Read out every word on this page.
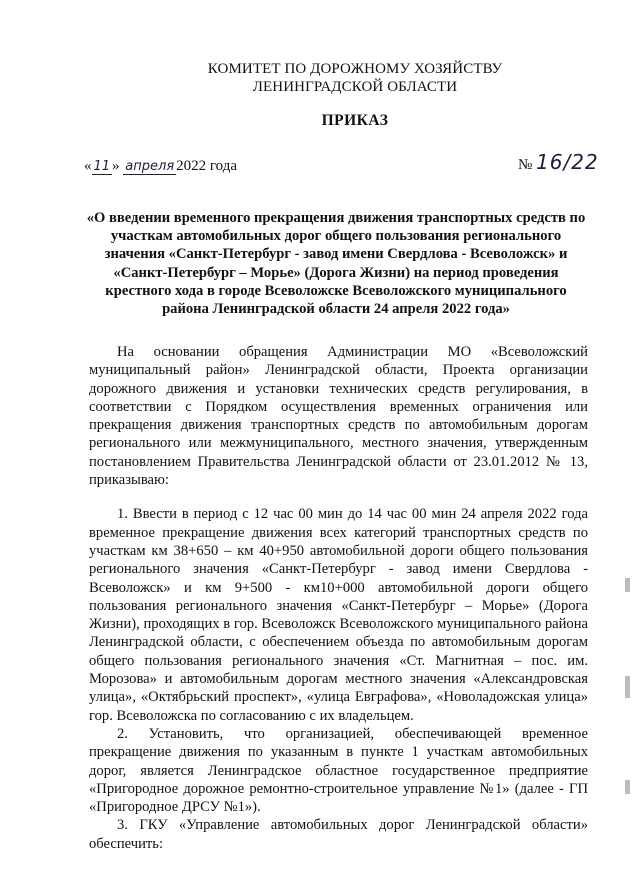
КОМИТЕТ ПО ДОРОЖНОМУ ХОЗЯЙСТВУ
ЛЕНИНГРАДСКОЙ ОБЛАСТИ
ПРИКАЗ
« 11 » апреля 2022 года	№ 16/22
«О введении временного прекращения движения транспортных средств по участкам автомобильных дорог общего пользования регионального значения «Санкт-Петербург - завод имени Свердлова - Всеволожск» и «Санкт-Петербург – Морье» (Дорога Жизни) на период проведения крестного хода в городе Всеволожске Всеволожского муниципального района Ленинградской области 24 апреля 2022 года»

На основании обращения Администрации МО «Всеволожский муниципальный район» Ленинградской области, Проекта организации дорожного движения и установки технических средств регулирования, в соответствии с Порядком осуществления временных ограничения или прекращения движения транспортных средств по автомобильным дорогам регионального или межмуниципального, местного значения, утвержденным постановлением Правительства Ленинградской области от 23.01.2012 № 13, приказываю:

1. Ввести в период с 12 час 00 мин до 14 час 00 мин 24 апреля 2022 года временное прекращение движения всех категорий транспортных средств по участкам км 38+650 – км 40+950 автомобильной дороги общего пользования регионального значения «Санкт-Петербург - завод имени Свердлова - Всеволожск» и км 9+500 - км10+000 автомобильной дороги общего пользования регионального значения «Санкт-Петербург – Морье» (Дорога Жизни), проходящих в гор. Всеволожск Всеволожского муниципального района Ленинградской области, с обеспечением объезда по автомобильным дорогам общего пользования регионального значения «Ст. Магнитная – пос. им. Морозова» и автомобильным дорогам местного значения «Александровская улица», «Октябрьский проспект», «улица Евграфова», «Новоладожская улица» гор. Всеволожска по согласованию с их владельцем.

2. Установить, что организацией, обеспечивающей временное прекращение движения по указанным в пункте 1 участкам автомобильных дорог, является Ленинградское областное государственное предприятие «Пригородное дорожное ремонтно-строительное управление №1» (далее - ГП «Пригородное ДРСУ №1»).

3. ГКУ «Управление автомобильных дорог Ленинградской области» обеспечить:
